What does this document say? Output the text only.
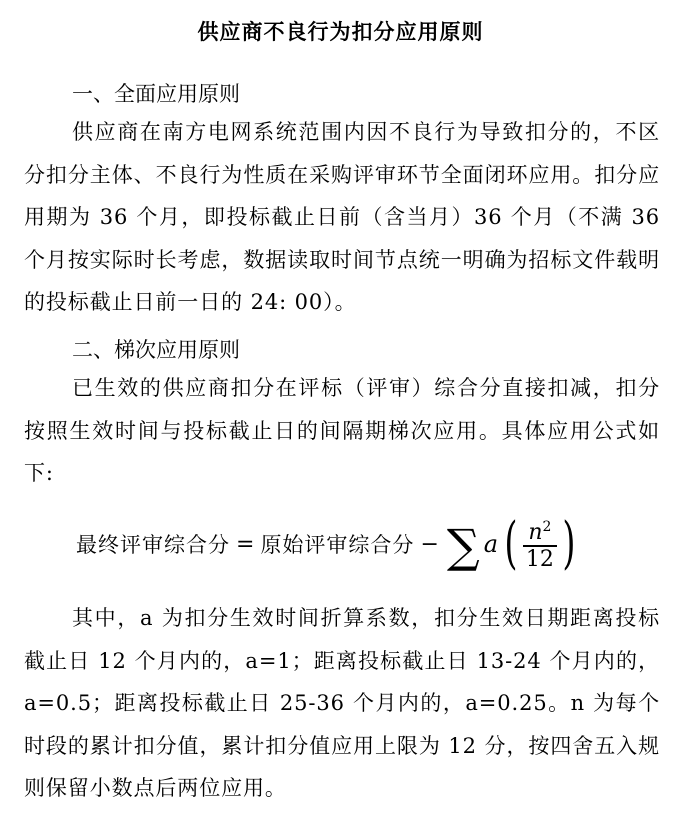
供应商不良行为扣分应用原则
一、全面应用原则
供应商在南方电网系统范围内因不良行为导致扣分的，不区分扣分主体、不良行为性质在采购评审环节全面闭环应用。扣分应用期为 36 个月，即投标截止日前（含当月）36 个月（不满 36 个月按实际时长考虑，数据读取时间节点统一明确为招标文件载明的投标截止日前一日的 24: 00）。
二、梯次应用原则
已生效的供应商扣分在评标（评审）综合分直接扣减，扣分按照生效时间与投标截止日的间隔期梯次应用。具体应用公式如下:
最终评审综合分 = 原始评审综合分 − ∑ a ( $\frac{n^2}{12}$ )
其中，a 为扣分生效时间折算系数，扣分生效日期距离投标截止日 12 个月内的，a=1；距离投标截止日 13-24 个月内的，a=0.5；距离投标截止日 25-36 个月内的，a=0.25。n 为每个时段的累计扣分值，累计扣分值应用上限为 12 分，按四舍五入规则保留小数点后两位应用。
